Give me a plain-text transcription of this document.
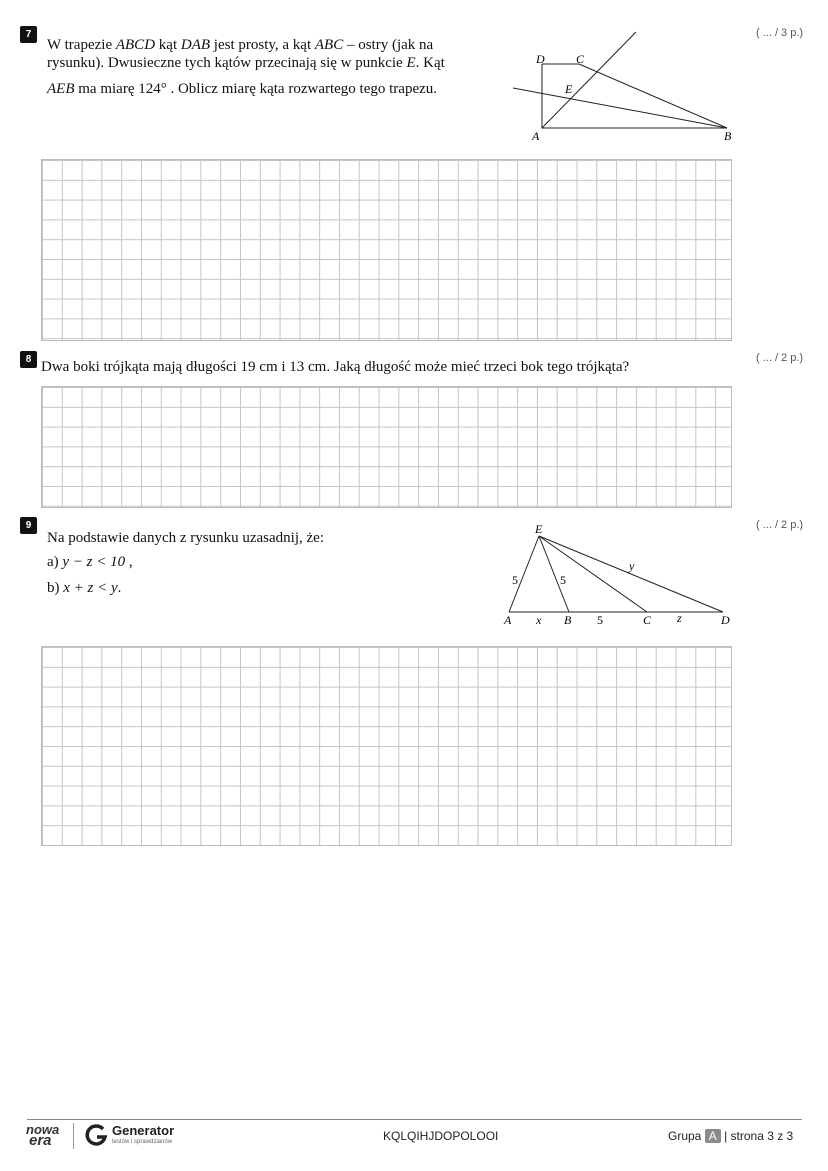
7	( ... / 3 p.)
W trapezie ABCD kąt DAB jest prosty, a kąt ABC – ostry (jak na
rysunku). Dwusieczne tych kątów przecinają się w punkcie E. Kąt
AEB ma miarę 124° . Oblicz miarę kąta rozwartego tego trapezu.
D	C
E
A	B
8	( ... / 2 p.)
Dwa boki trójkąta mają długości 19 cm i 13 cm. Jaką długość może mieć trzeci bok tego trójkąta?
9	( ... / 2 p.)
Na podstawie danych z rysunku uzasadnij, że:
a) y − z < 10 ,
b) x + z < y.
E
A	B	C	D
5	5
x	5	z
y
nowa
era
Generator
testów i sprawdzianów	KQLQIHJDOPOLOOI	Grupa A | strona 3 z 3
